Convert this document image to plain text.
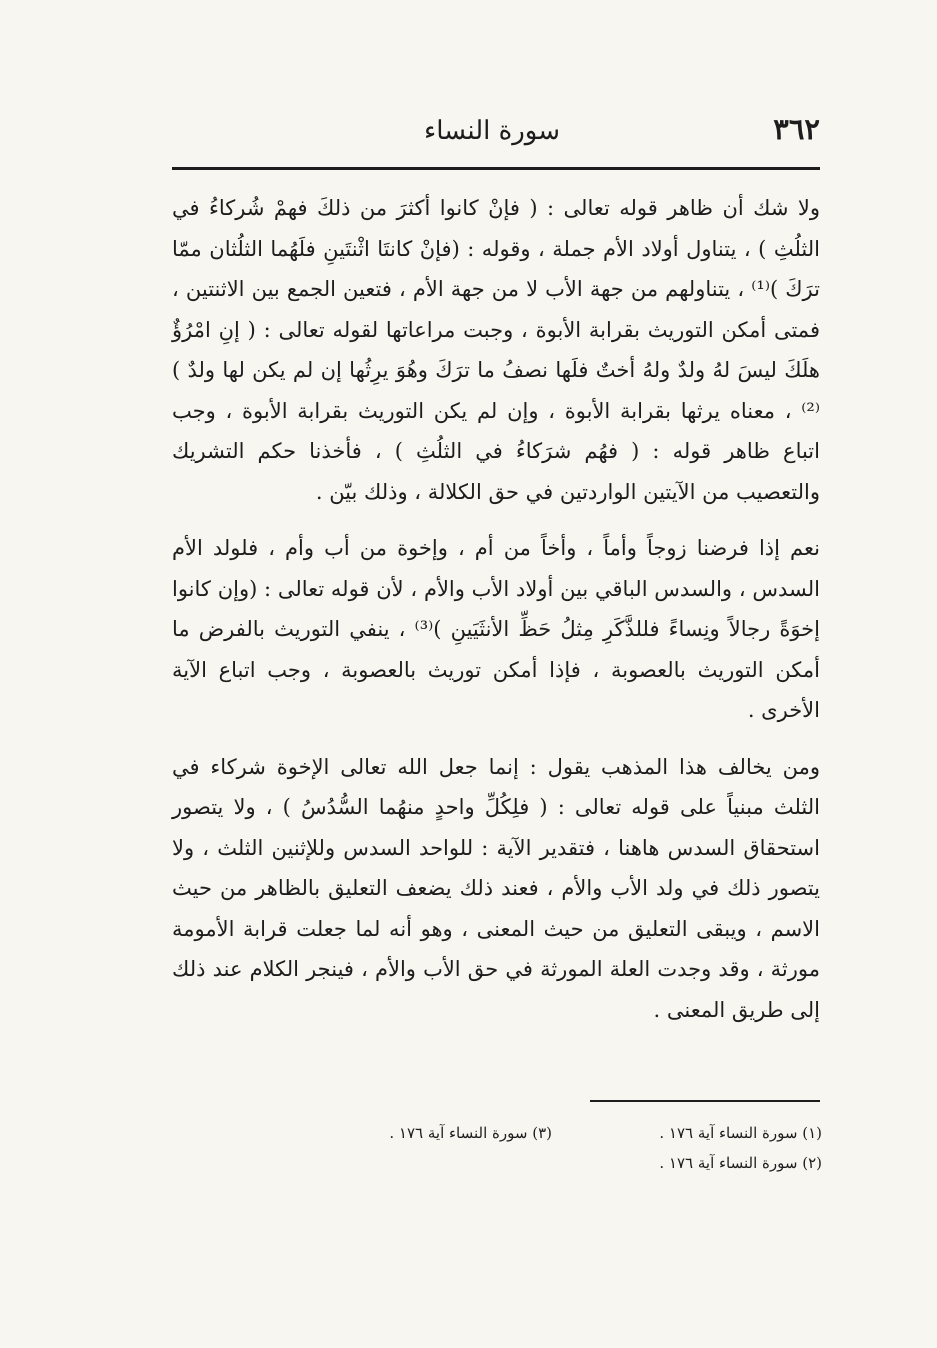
٣٦٢
سورة النساء

ولا شك أن ظاهر قوله تعالى : ( فإنْ كانوا أكثرَ من ذلكَ فهمْ شُركاءُ في الثلُثِ ) ، يتناول أولاد الأم جملة ، وقوله : (فإنْ كانتَا اثْنتَينِ فلَهُما الثلُثان ممّا ترَكَ )⁽¹⁾ ، يتناولهم من جهة الأب لا من جهة الأم ، فتعين الجمع بين الاثنتين ، فمتى أمكن التوريث بقرابة الأبوة ، وجبت مراعاتها لقوله تعالى : ( إنِ امْرُؤٌ هلَكَ ليسَ لهُ ولدٌ ولهُ أختٌ فلَها نصفُ ما ترَكَ وهُوَ يرِثُها إن لم يكن لها ولدٌ )⁽²⁾ ، معناه يرثها بقرابة الأبوة ، وإن لم يكن التوريث بقرابة الأبوة ، وجب اتباع ظاهر قوله : ( فهُم شرَكاءُ في الثلُثِ ) ، فأخذنا حكم التشريك والتعصيب من الآيتين الواردتين في حق الكلالة ، وذلك بيّن .

نعم إذا فرضنا زوجاً وأماً ، وأخاً من أم ، وإخوة من أب وأم ، فلولد الأم السدس ، والسدس الباقي بين أولاد الأب والأم ، لأن قوله تعالى : (وإن كانوا إخوَةً رجالاً ونِساءً فللذَّكَرِ مِثلُ حَظِّ الأنثَيَينِ )⁽³⁾ ، ينفي التوريث بالفرض ما أمكن التوريث بالعصوبة ، فإذا أمكن توريث بالعصوبة ، وجب اتباع الآية الأخرى .

ومن يخالف هذا المذهب يقول : إنما جعل الله تعالى الإخوة شركاء في الثلث مبنياً على قوله تعالى : ( فلِكُلِّ واحدٍ منهُما السُّدُسُ ) ، ولا يتصور استحقاق السدس هاهنا ، فتقدير الآية : للواحد السدس وللإثنين الثلث ، ولا يتصور ذلك في ولد الأب والأم ، فعند ذلك يضعف التعليق بالظاهر من حيث الاسم ، ويبقى التعليق من حيث المعنى ، وهو أنه لما جعلت قرابة الأمومة مورثة ، وقد وجدت العلة المورثة في حق الأب والأم ، فينجر الكلام عند ذلك إلى طريق المعنى .

(١) سورة النساء آية ١٧٦ .
(٣) سورة النساء آية ١٧٦ .
(٢) سورة النساء آية ١٧٦ .
